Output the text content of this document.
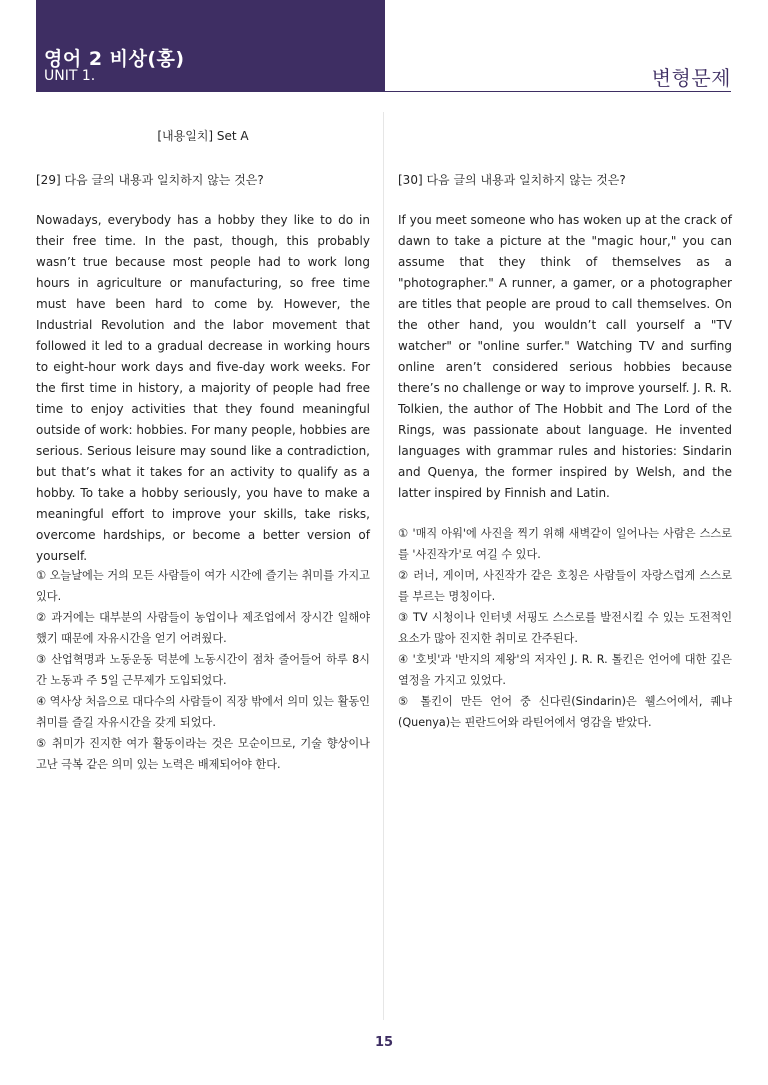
영어 2 비상(홍)
UNIT 1.	변형문제
[내용일치] Set A
[29] 다음 글의 내용과 일치하지 않는 것은?

Nowadays, everybody has a hobby they like to do in their free time. In the past, though, this probably wasn’t true because most people had to work long hours in agriculture or manufacturing, so free time must have been hard to come by. However, the Industrial Revolution and the labor movement that followed it led to a gradual decrease in working hours to eight-hour work days and five-day work weeks. For the first time in history, a majority of people had free time to enjoy activities that they found meaningful outside of work: hobbies. For many people, hobbies are serious. Serious leisure may sound like a contradiction, but that’s what it takes for an activity to qualify as a hobby. To take a hobby seriously, you have to make a meaningful effort to improve your skills, take risks, overcome hardships, or become a better version of yourself.

① 오늘날에는 거의 모든 사람들이 여가 시간에 즐기는 취미를 가지고 있다.
② 과거에는 대부분의 사람들이 농업이나 제조업에서 장시간 일해야 했기 때문에 자유시간을 얻기 어려웠다.
③ 산업혁명과 노동운동 덕분에 노동시간이 점차 줄어들어 하루 8시간 노동과 주 5일 근무제가 도입되었다.
④ 역사상 처음으로 대다수의 사람들이 직장 밖에서 의미 있는 활동인 취미를 즐길 자유시간을 갖게 되었다.
⑤ 취미가 진지한 여가 활동이라는 것은 모순이므로, 기술 향상이나 고난 극복 같은 의미 있는 노력은 배제되어야 한다.
[30] 다음 글의 내용과 일치하지 않는 것은?

If you meet someone who has woken up at the crack of dawn to take a picture at the "magic hour," you can assume that they think of themselves as a "photographer." A runner, a gamer, or a photographer are titles that people are proud to call themselves. On the other hand, you wouldn’t call yourself a "TV watcher" or "online surfer." Watching TV and surfing online aren’t considered serious hobbies because there’s no challenge or way to improve yourself. J. R. R. Tolkien, the author of The Hobbit and The Lord of the Rings, was passionate about language. He invented languages with grammar rules and histories: Sindarin and Quenya, the former inspired by Welsh, and the latter inspired by Finnish and Latin.

① '매직 아워'에 사진을 찍기 위해 새벽같이 일어나는 사람은 스스로를 '사진작가'로 여길 수 있다.
② 러너, 게이머, 사진작가 같은 호칭은 사람들이 자랑스럽게 스스로를 부르는 명칭이다.
③ TV 시청이나 인터넷 서핑도 스스로를 발전시킬 수 있는 도전적인 요소가 많아 진지한 취미로 간주된다.
④ '호빗'과 '반지의 제왕'의 저자인 J. R. R. 톨킨은 언어에 대한 깊은 열정을 가지고 있었다.
⑤ 톨킨이 만든 언어 중 신다린(Sindarin)은 웰스어에서, 퀘냐(Quenya)는 핀란드어와 라틴어에서 영감을 받았다.
15
